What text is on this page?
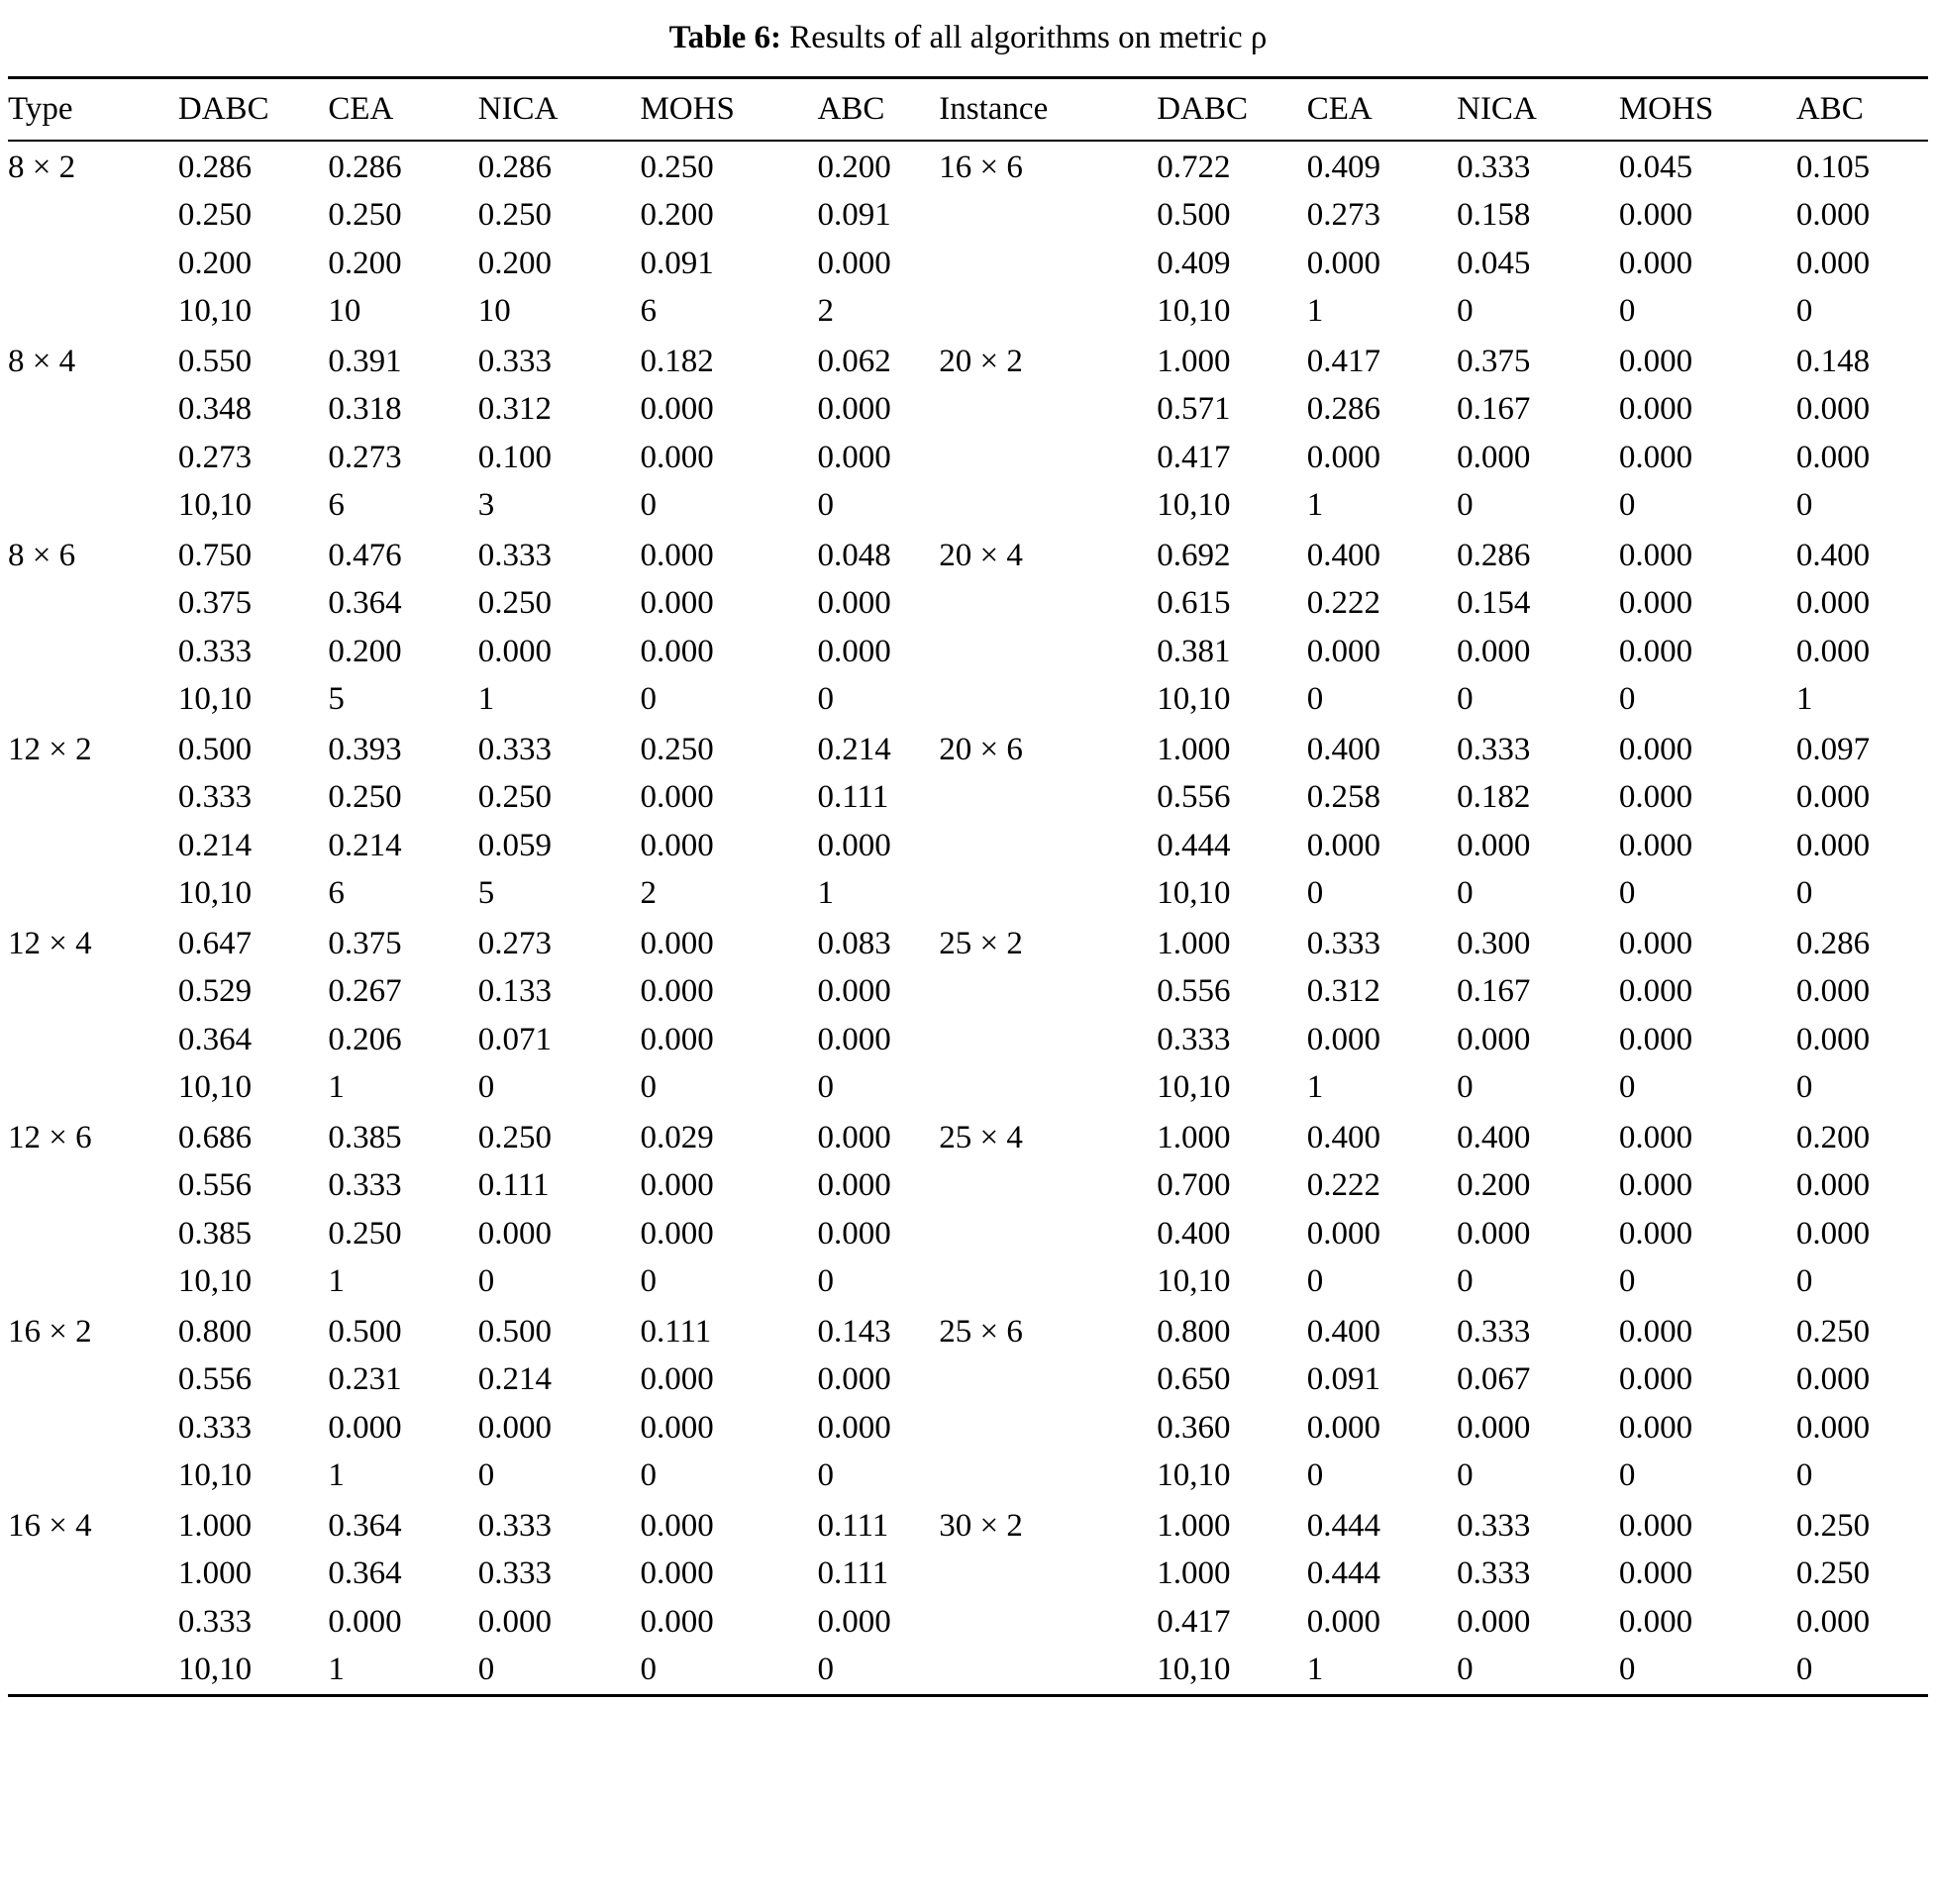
Table 6: Results of all algorithms on metric ρ

Type	DABC	CEA	NICA	MOHS	ABC	Instance	DABC	CEA	NICA	MOHS	ABC
8 × 2	0.286	0.286	0.286	0.250	0.200	16 × 6	0.722	0.409	0.333	0.045	0.105
	0.250	0.250	0.250	0.200	0.091		0.500	0.273	0.158	0.000	0.000
	0.200	0.200	0.200	0.091	0.000		0.409	0.000	0.045	0.000	0.000
	10,10	10	10	6	2		10,10	1	0	0	0
8 × 4	0.550	0.391	0.333	0.182	0.062	20 × 2	1.000	0.417	0.375	0.000	0.148
	0.348	0.318	0.312	0.000	0.000		0.571	0.286	0.167	0.000	0.000
	0.273	0.273	0.100	0.000	0.000		0.417	0.000	0.000	0.000	0.000
	10,10	6	3	0	0		10,10	1	0	0	0
8 × 6	0.750	0.476	0.333	0.000	0.048	20 × 4	0.692	0.400	0.286	0.000	0.400
	0.375	0.364	0.250	0.000	0.000		0.615	0.222	0.154	0.000	0.000
	0.333	0.200	0.000	0.000	0.000		0.381	0.000	0.000	0.000	0.000
	10,10	5	1	0	0		10,10	0	0	0	1
12 × 2	0.500	0.393	0.333	0.250	0.214	20 × 6	1.000	0.400	0.333	0.000	0.097
	0.333	0.250	0.250	0.000	0.111		0.556	0.258	0.182	0.000	0.000
	0.214	0.214	0.059	0.000	0.000		0.444	0.000	0.000	0.000	0.000
	10,10	6	5	2	1		10,10	0	0	0	0
12 × 4	0.647	0.375	0.273	0.000	0.083	25 × 2	1.000	0.333	0.300	0.000	0.286
	0.529	0.267	0.133	0.000	0.000		0.556	0.312	0.167	0.000	0.000
	0.364	0.206	0.071	0.000	0.000		0.333	0.000	0.000	0.000	0.000
	10,10	1	0	0	0		10,10	1	0	0	0
12 × 6	0.686	0.385	0.250	0.029	0.000	25 × 4	1.000	0.400	0.400	0.000	0.200
	0.556	0.333	0.111	0.000	0.000		0.700	0.222	0.200	0.000	0.000
	0.385	0.250	0.000	0.000	0.000		0.400	0.000	0.000	0.000	0.000
	10,10	1	0	0	0		10,10	0	0	0	0
16 × 2	0.800	0.500	0.500	0.111	0.143	25 × 6	0.800	0.400	0.333	0.000	0.250
	0.556	0.231	0.214	0.000	0.000		0.650	0.091	0.067	0.000	0.000
	0.333	0.000	0.000	0.000	0.000		0.360	0.000	0.000	0.000	0.000
	10,10	1	0	0	0		10,10	0	0	0	0
16 × 4	1.000	0.364	0.333	0.000	0.111	30 × 2	1.000	0.444	0.333	0.000	0.250
	1.000	0.364	0.333	0.000	0.111		1.000	0.444	0.333	0.000	0.250
	0.333	0.000	0.000	0.000	0.000		0.417	0.000	0.000	0.000	0.000
	10,10	1	0	0	0		10,10	1	0	0	0
